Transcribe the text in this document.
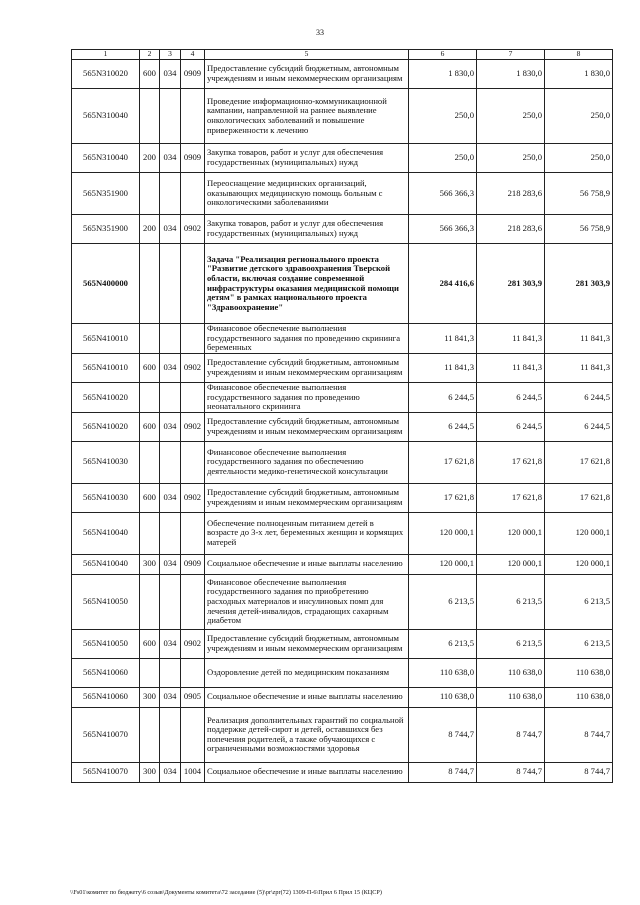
33
1	2	3	4	5	6	7	8
565N310020	600	034	0909	Предоставление субсидий бюджетным, автономным учреждениям и иным некоммерческим организациям	1 830,0	1 830,0	1 830,0
565N310040				Проведение информационно-коммуникационной кампании, направленной на раннее выявление онкологических заболеваний и повышение приверженности к лечению	250,0	250,0	250,0
565N310040	200	034	0909	Закупка товаров, работ и услуг для обеспечения государственных (муниципальных) нужд	250,0	250,0	250,0
565N351900				Переоснащение медицинских организаций, оказывающих медицинскую помощь больным с онкологическими заболеваниями	566 366,3	218 283,6	56 758,9
565N351900	200	034	0902	Закупка товаров, работ и услуг для обеспечения государственных (муниципальных) нужд	566 366,3	218 283,6	56 758,9
565N400000				Задача "Реализация регионального проекта "Развитие детского здравоохранения Тверской области, включая создание современной инфраструктуры оказания медицинской помощи детям" в рамках национального проекта "Здравоохранение"	284 416,6	281 303,9	281 303,9
565N410010				Финансовое обеспечение выполнения государственного задания по проведению скрининга беременных	11 841,3	11 841,3	11 841,3
565N410010	600	034	0902	Предоставление субсидий бюджетным, автономным учреждениям и иным некоммерческим организациям	11 841,3	11 841,3	11 841,3
565N410020				Финансовое обеспечение выполнения государственного задания по проведению неонатального скрининга	6 244,5	6 244,5	6 244,5
565N410020	600	034	0902	Предоставление субсидий бюджетным, автономным учреждениям и иным некоммерческим организациям	6 244,5	6 244,5	6 244,5
565N410030				Финансовое обеспечение выполнения государственного задания по обеспечению деятельности медико-генетической консультации	17 621,8	17 621,8	17 621,8
565N410030	600	034	0902	Предоставление субсидий бюджетным, автономным учреждениям и иным некоммерческим организациям	17 621,8	17 621,8	17 621,8
565N410040				Обеспечение полноценным питанием детей в возрасте до 3-х лет, беременных женщин и кормящих матерей	120 000,1	120 000,1	120 000,1
565N410040	300	034	0909	Социальное обеспечение и иные выплаты населению	120 000,1	120 000,1	120 000,1
565N410050				Финансовое обеспечение выполнения государственного задания по приобретению расходных материалов и инсулиновых помп для лечения детей-инвалидов, страдающих сахарным диабетом	6 213,5	6 213,5	6 213,5
565N410050	600	034	0902	Предоставление субсидий бюджетным, автономным учреждениям и иным некоммерческим организациям	6 213,5	6 213,5	6 213,5
565N410060				Оздоровление детей по медицинским показаниям	110 638,0	110 638,0	110 638,0
565N410060	300	034	0905	Социальное обеспечение и иные выплаты населению	110 638,0	110 638,0	110 638,0
565N410070				Реализация дополнительных гарантий по социальной поддержке детей-сирот и детей, оставшихся без попечения родителей, а также обучающихся с ограниченными возможностями здоровья	8 744,7	8 744,7	8 744,7
565N410070	300	034	1004	Социальное обеспечение и иные выплаты населению	8 744,7	8 744,7	8 744,7
\\Fs01\комитет по бюджету\6 созыв\Документы комитета\72 заседание (5)\pr\zpr(72) 1309-П-6\Прил 6 Прил 15 (КЦСР)
